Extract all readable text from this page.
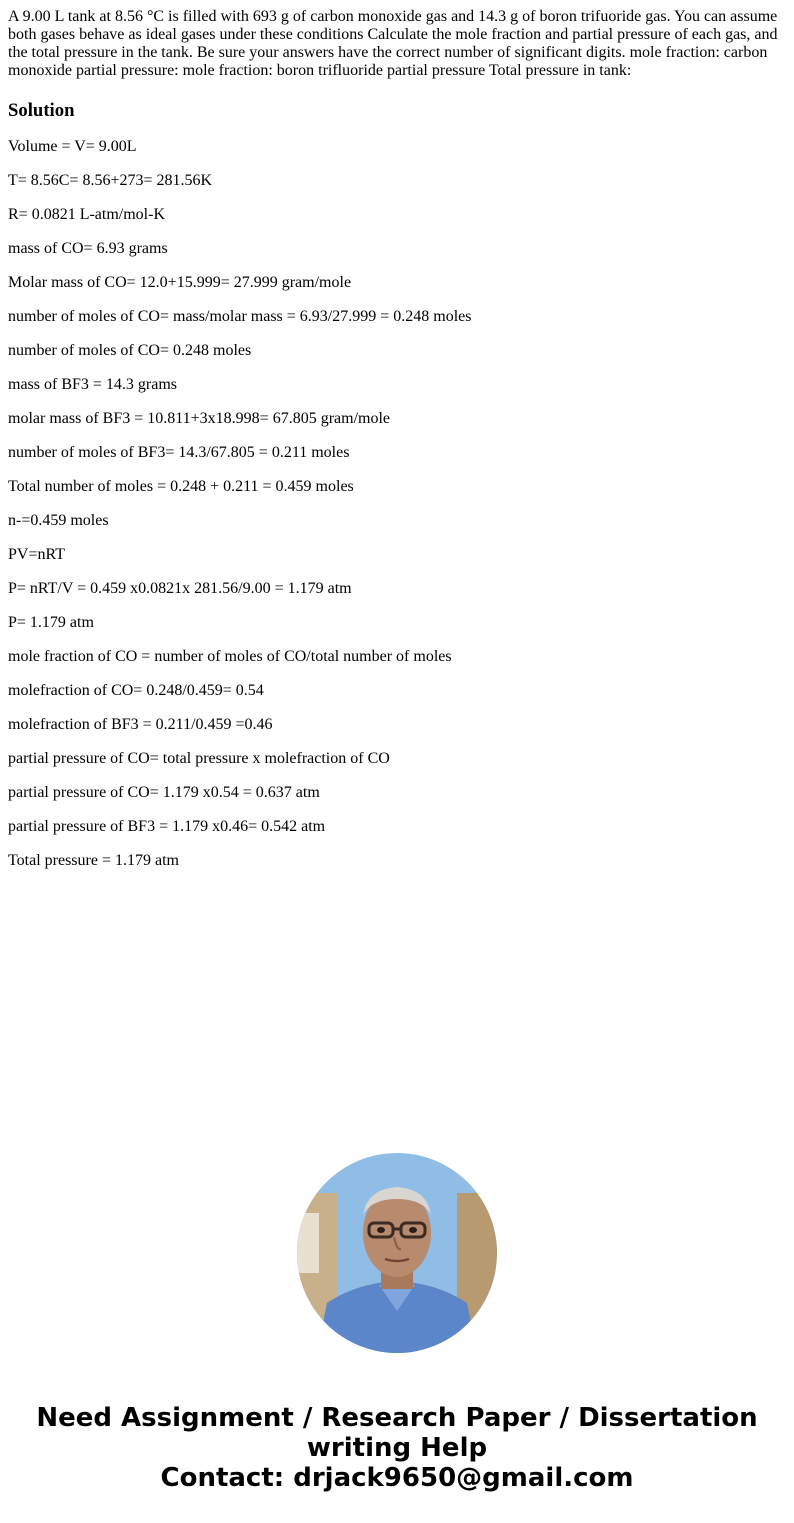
A 9.00 L tank at 8.56 °C is filled with 693 g of carbon monoxide gas and 14.3 g of boron trifuoride gas. You can assume both gases behave as ideal gases under these conditions Calculate the mole fraction and partial pressure of each gas, and the total pressure in the tank. Be sure your answers have the correct number of significant digits. mole fraction: carbon monoxide partial pressure: mole fraction: boron trifluoride partial pressure Total pressure in tank:

Solution
Volume = V= 9.00L
T= 8.56C= 8.56+273= 281.56K
R= 0.0821 L-atm/mol-K
mass of CO= 6.93 grams
Molar mass of CO= 12.0+15.999= 27.999 gram/mole
number of moles of CO= mass/molar mass = 6.93/27.999 = 0.248 moles
number of moles of CO= 0.248 moles
mass of BF3 = 14.3 grams
molar mass of BF3 = 10.811+3x18.998= 67.805 gram/mole
number of moles of BF3= 14.3/67.805 = 0.211 moles
Total number of moles = 0.248 + 0.211 = 0.459 moles
n-=0.459 moles
PV=nRT
P= nRT/V = 0.459 x0.0821x 281.56/9.00 = 1.179 atm
P= 1.179 atm
mole fraction of CO = number of moles of CO/total number of moles
molefraction of CO= 0.248/0.459= 0.54
molefraction of BF3 = 0.211/0.459 =0.46
partial pressure of CO= total pressure x molefraction of CO
partial pressure of CO= 1.179 x0.54 = 0.637 atm
partial pressure of BF3 = 1.179 x0.46= 0.542 atm
Total pressure = 1.179 atm
Need Assignment / Research Paper / Dissertation
writing Help
Contact: drjack9650@gmail.com
